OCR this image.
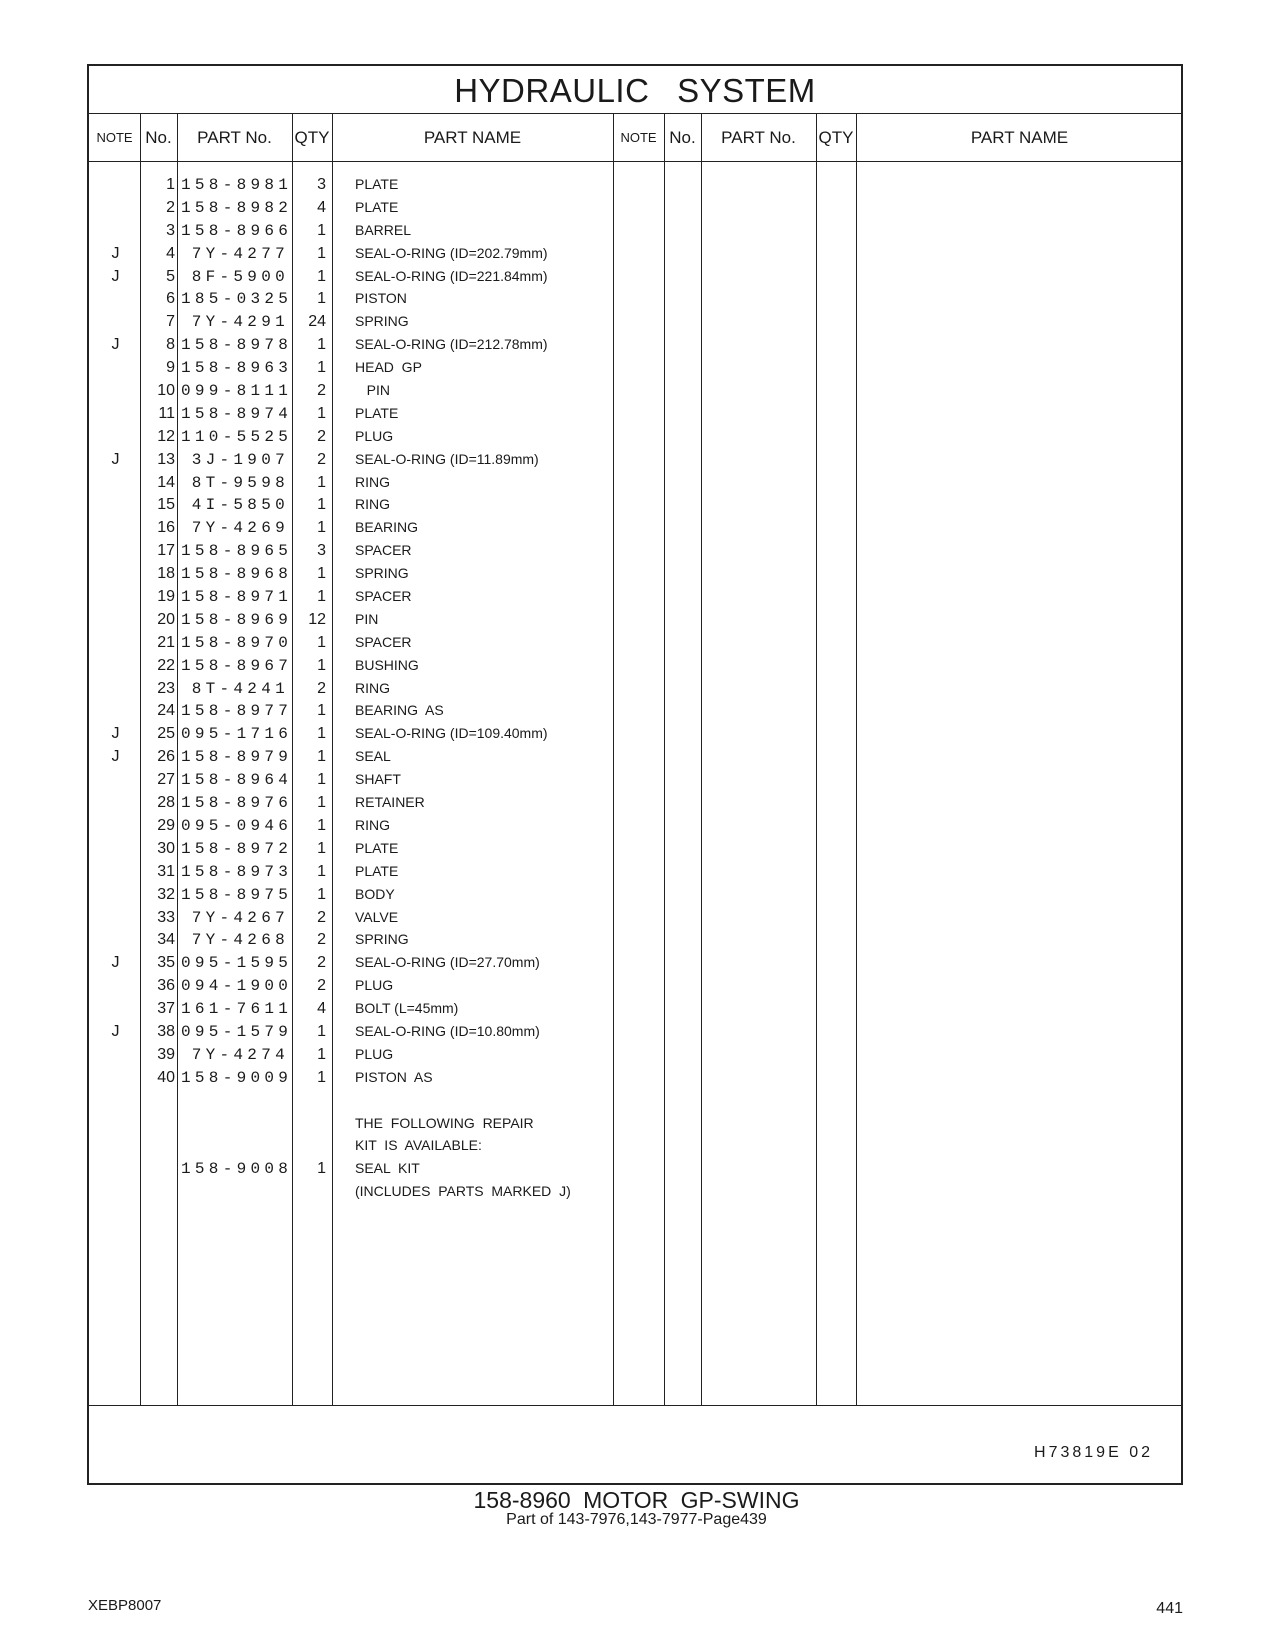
HYDRAULIC SYSTEM
NOTE No.	PART No.	QTY	PART NAME	NOTE No.	PART No.	QTY	PART NAME
1 158-8981	3 PLATE
2 158-8982	4 PLATE
3 158-8966	1 BARREL
J	4	7Y-4277	1 SEAL-O-RING (ID=202.79mm)
J	5	8F-5900	1 SEAL-O-RING (ID=221.84mm)
6 185-0325	1 PISTON
7	7Y-4291	24 SPRING
J	8 158-8978	1 SEAL-O-RING (ID=212.78mm)
9 158-8963	1 HEAD  GP
10 099-8111	2 PIN
11 158-8974	1 PLATE
12 110-5525	2 PLUG
J	13	3J-1907	2 SEAL-O-RING (ID=11.89mm)
14	8T-9598	1 RING
15	4I-5850	1 RING
16	7Y-4269	1 BEARING
17 158-8965	3 SPACER
18 158-8968	1 SPRING
19 158-8971	1 SPACER
20 158-8969 12 PIN
21 158-8970	1 SPACER
22 158-8967	1 BUSHING
23	8T-4241	2 RING
24 158-8977	1 BEARING  AS
J	25 095-1716	1 SEAL-O-RING (ID=109.40mm)
J	26 158-8979	1 SEAL
27 158-8964	1 SHAFT
28 158-8976	1 RETAINER
29 095-0946	1 RING
30 158-8972	1 PLATE
31 158-8973	1 PLATE
32 158-8975	1 BODY
33	7Y-4267	2 VALVE
34	7Y-4268	2 SPRING
J	35 095-1595	2 SEAL-O-RING (ID=27.70mm)
36 094-1900	2 PLUG
37 161-7611	4 BOLT (L=45mm)
J	38 095-1579	1 SEAL-O-RING (ID=10.80mm)
39	7Y-4274	1 PLUG
40 158-9009	1 PISTON  AS
THE  FOLLOWING  REPAIR
KIT  IS  AVAILABLE:
158-9008	1 SEAL  KIT
(INCLUDES  PARTS  MARKED  J)
H73819E 02
158-8960 MOTOR GP-SWING
Part of 143-7976,143-7977-Page439
XEBP8007	441
